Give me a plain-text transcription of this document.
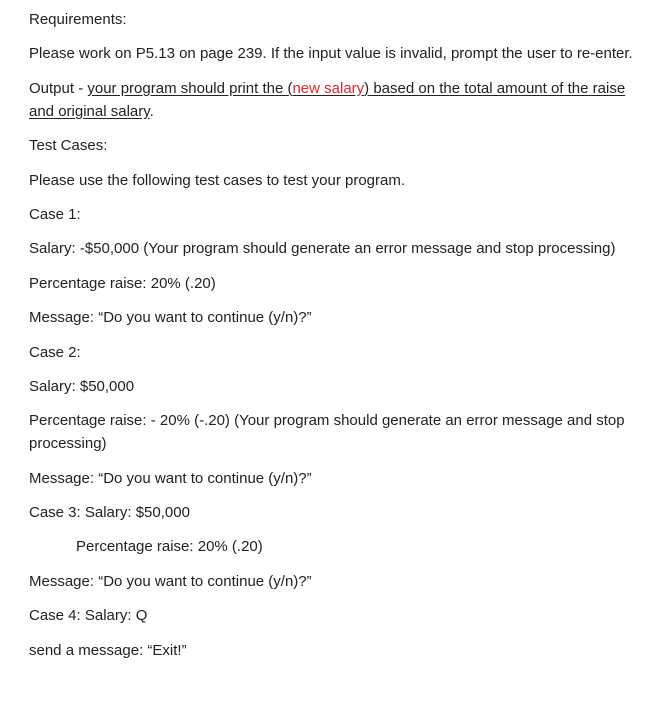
Requirements:

Please work on P5.13 on page 239. If the input value is invalid, prompt the user to re-enter.

Output - your program should print the (new salary) based on the total amount of the raise and original salary.

Test Cases:

Please use the following test cases to test your program.

Case 1:

Salary: -$50,000 (Your program should generate an error message and stop processing)

Percentage raise: 20% (.20)

Message: “Do you want to continue (y/n)?”

Case 2:

Salary: $50,000

Percentage raise: - 20% (-.20) (Your program should generate an error message and stop processing)

Message: “Do you want to continue (y/n)?”

Case 3: Salary: $50,000

Percentage raise: 20% (.20)

Message: “Do you want to continue (y/n)?”

Case 4: Salary: Q

send a message: “Exit!”
